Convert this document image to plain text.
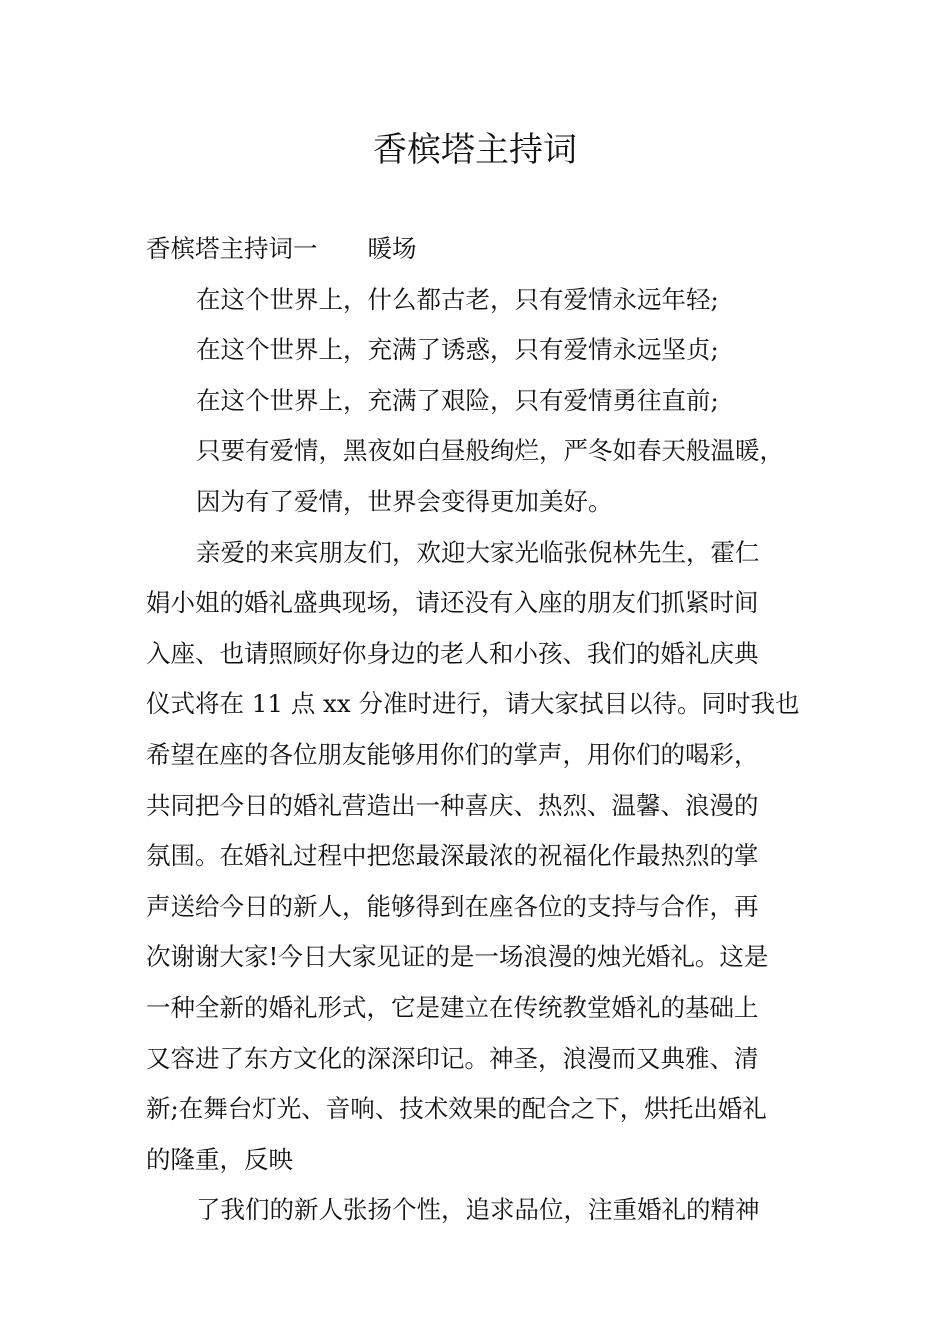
香槟塔主持词

香槟塔主持词一 暖场

在这个世界上，什么都古老，只有爱情永远年轻;

在这个世界上，充满了诱惑，只有爱情永远坚贞;

在这个世界上，充满了艰险，只有爱情勇往直前;

只要有爱情，黑夜如白昼般绚烂，严冬如春天般温暖，

因为有了爱情，世界会变得更加美好。

亲爱的来宾朋友们，欢迎大家光临张倪林先生，霍仁

娟小姐的婚礼盛典现场，请还没有入座的朋友们抓紧时间

入座、也请照顾好你身边的老人和小孩、我们的婚礼庆典

仪式将在 11 点 xx 分准时进行，请大家拭目以待。同时我也

希望在座的各位朋友能够用你们的掌声，用你们的喝彩，

共同把今日的婚礼营造出一种喜庆、热烈、温馨、浪漫的

氛围。在婚礼过程中把您最深最浓的祝福化作最热烈的掌

声送给今日的新人，能够得到在座各位的支持与合作，再

次谢谢大家!今日大家见证的是一场浪漫的烛光婚礼。这是

一种全新的婚礼形式，它是建立在传统教堂婚礼的基础上

又容进了东方文化的深深印记。神圣，浪漫而又典雅、清

新;在舞台灯光、音响、技术效果的配合之下，烘托出婚礼

的隆重，反映

了我们的新人张扬个性，追求品位，注重婚礼的精神
